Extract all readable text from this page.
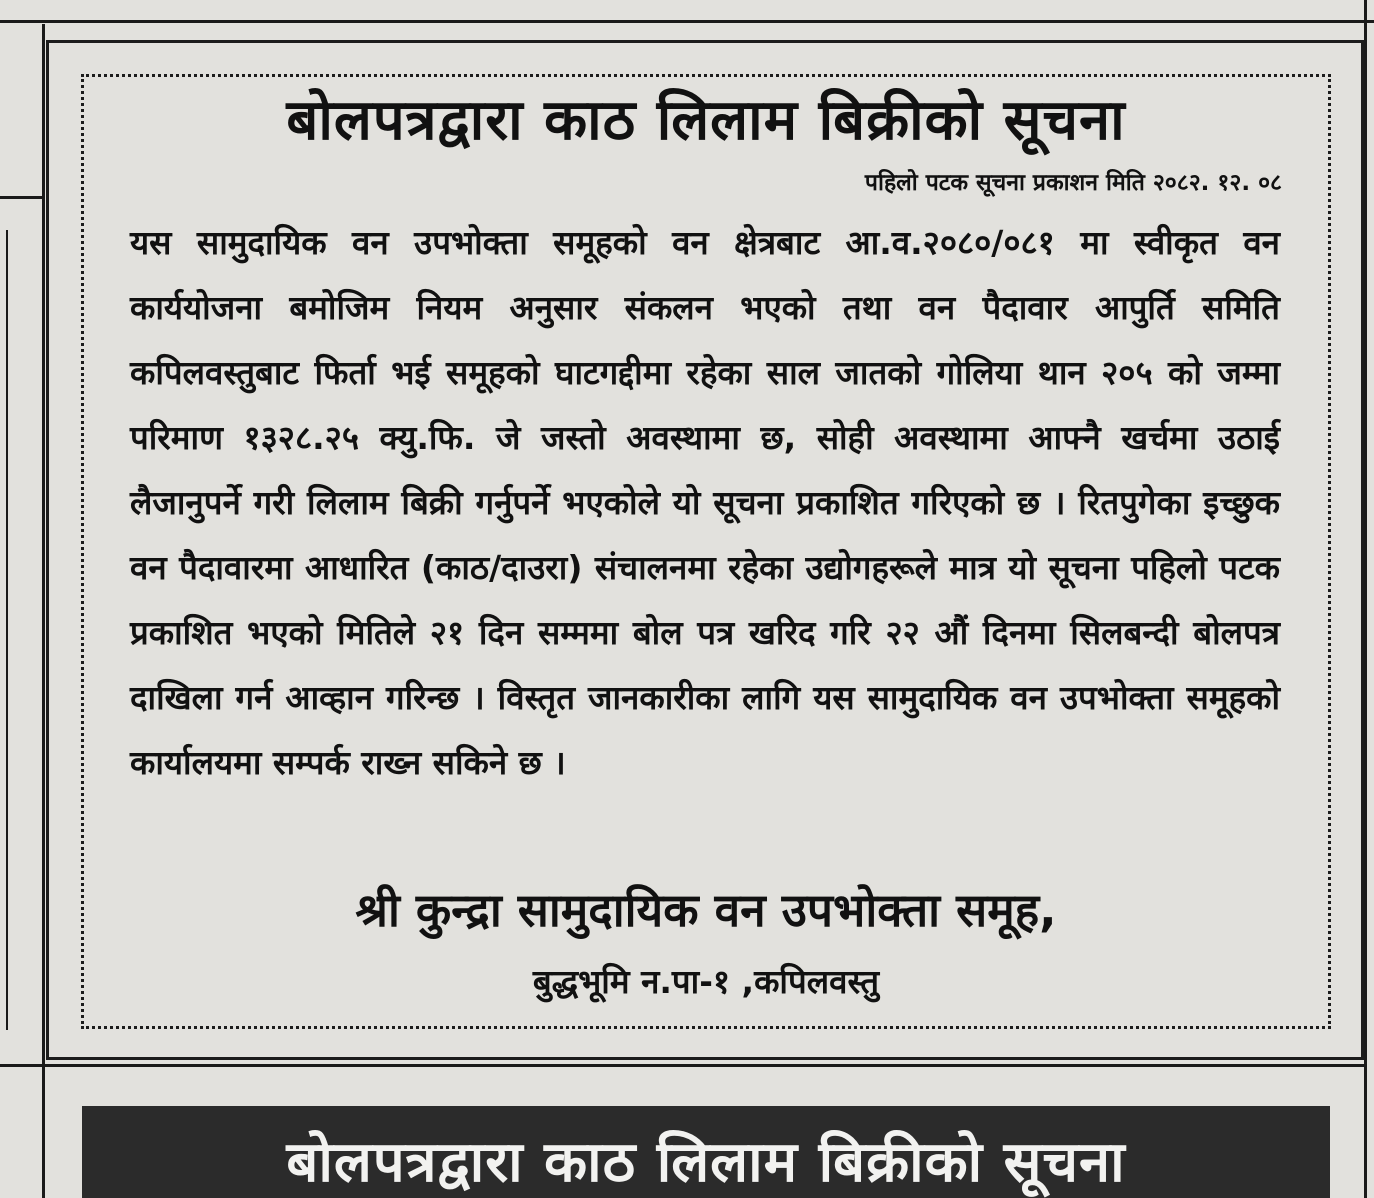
बोलपत्रद्वारा काठ लिलाम बिक्रीको सूचना
पहिलो पटक सूचना प्रकाशन मिति २०८२. १२. ०८

यस सामुदायिक वन उपभोक्ता समूहको वन क्षेत्रबाट आ.व.२०८०/०८१ मा स्वीकृत वन कार्ययोजना बमोजिम नियम अनुसार संकलन भएको तथा वन पैदावार आपुर्ति समिति कपिलवस्तुबाट फिर्ता भई समूहको घाटगद्दीमा रहेका साल जातको गोलिया थान २०५ को जम्मा परिमाण १३२८.२५ क्यु.फि. जे जस्तो अवस्थामा छ, सोही अवस्थामा आफ्नै खर्चमा उठाई लैजानुपर्ने गरी लिलाम बिक्री गर्नुपर्ने भएकोले यो सूचना प्रकाशित गरिएको छ । रितपुगेका इच्छुक वन पैदावारमा आधारित (काठ/दाउरा) संचालनमा रहेका उद्योगहरूले मात्र यो सूचना पहिलो पटक प्रकाशित भएको मितिले २१ दिन सम्ममा बोल पत्र खरिद गरि २२ औं दिनमा सिलबन्दी बोलपत्र दाखिला गर्न आव्हान गरिन्छ । विस्तृत जानकारीका लागि यस सामुदायिक वन उपभोक्ता समूहको कार्यालयमा सम्पर्क राख्न सकिने छ ।

श्री कुन्द्रा सामुदायिक वन उपभोक्ता समूह,
बुद्धभूमि न.पा-१ ,कपिलवस्तु
बोलपत्रद्वारा काठ लिलाम बिक्रीको सूचना
